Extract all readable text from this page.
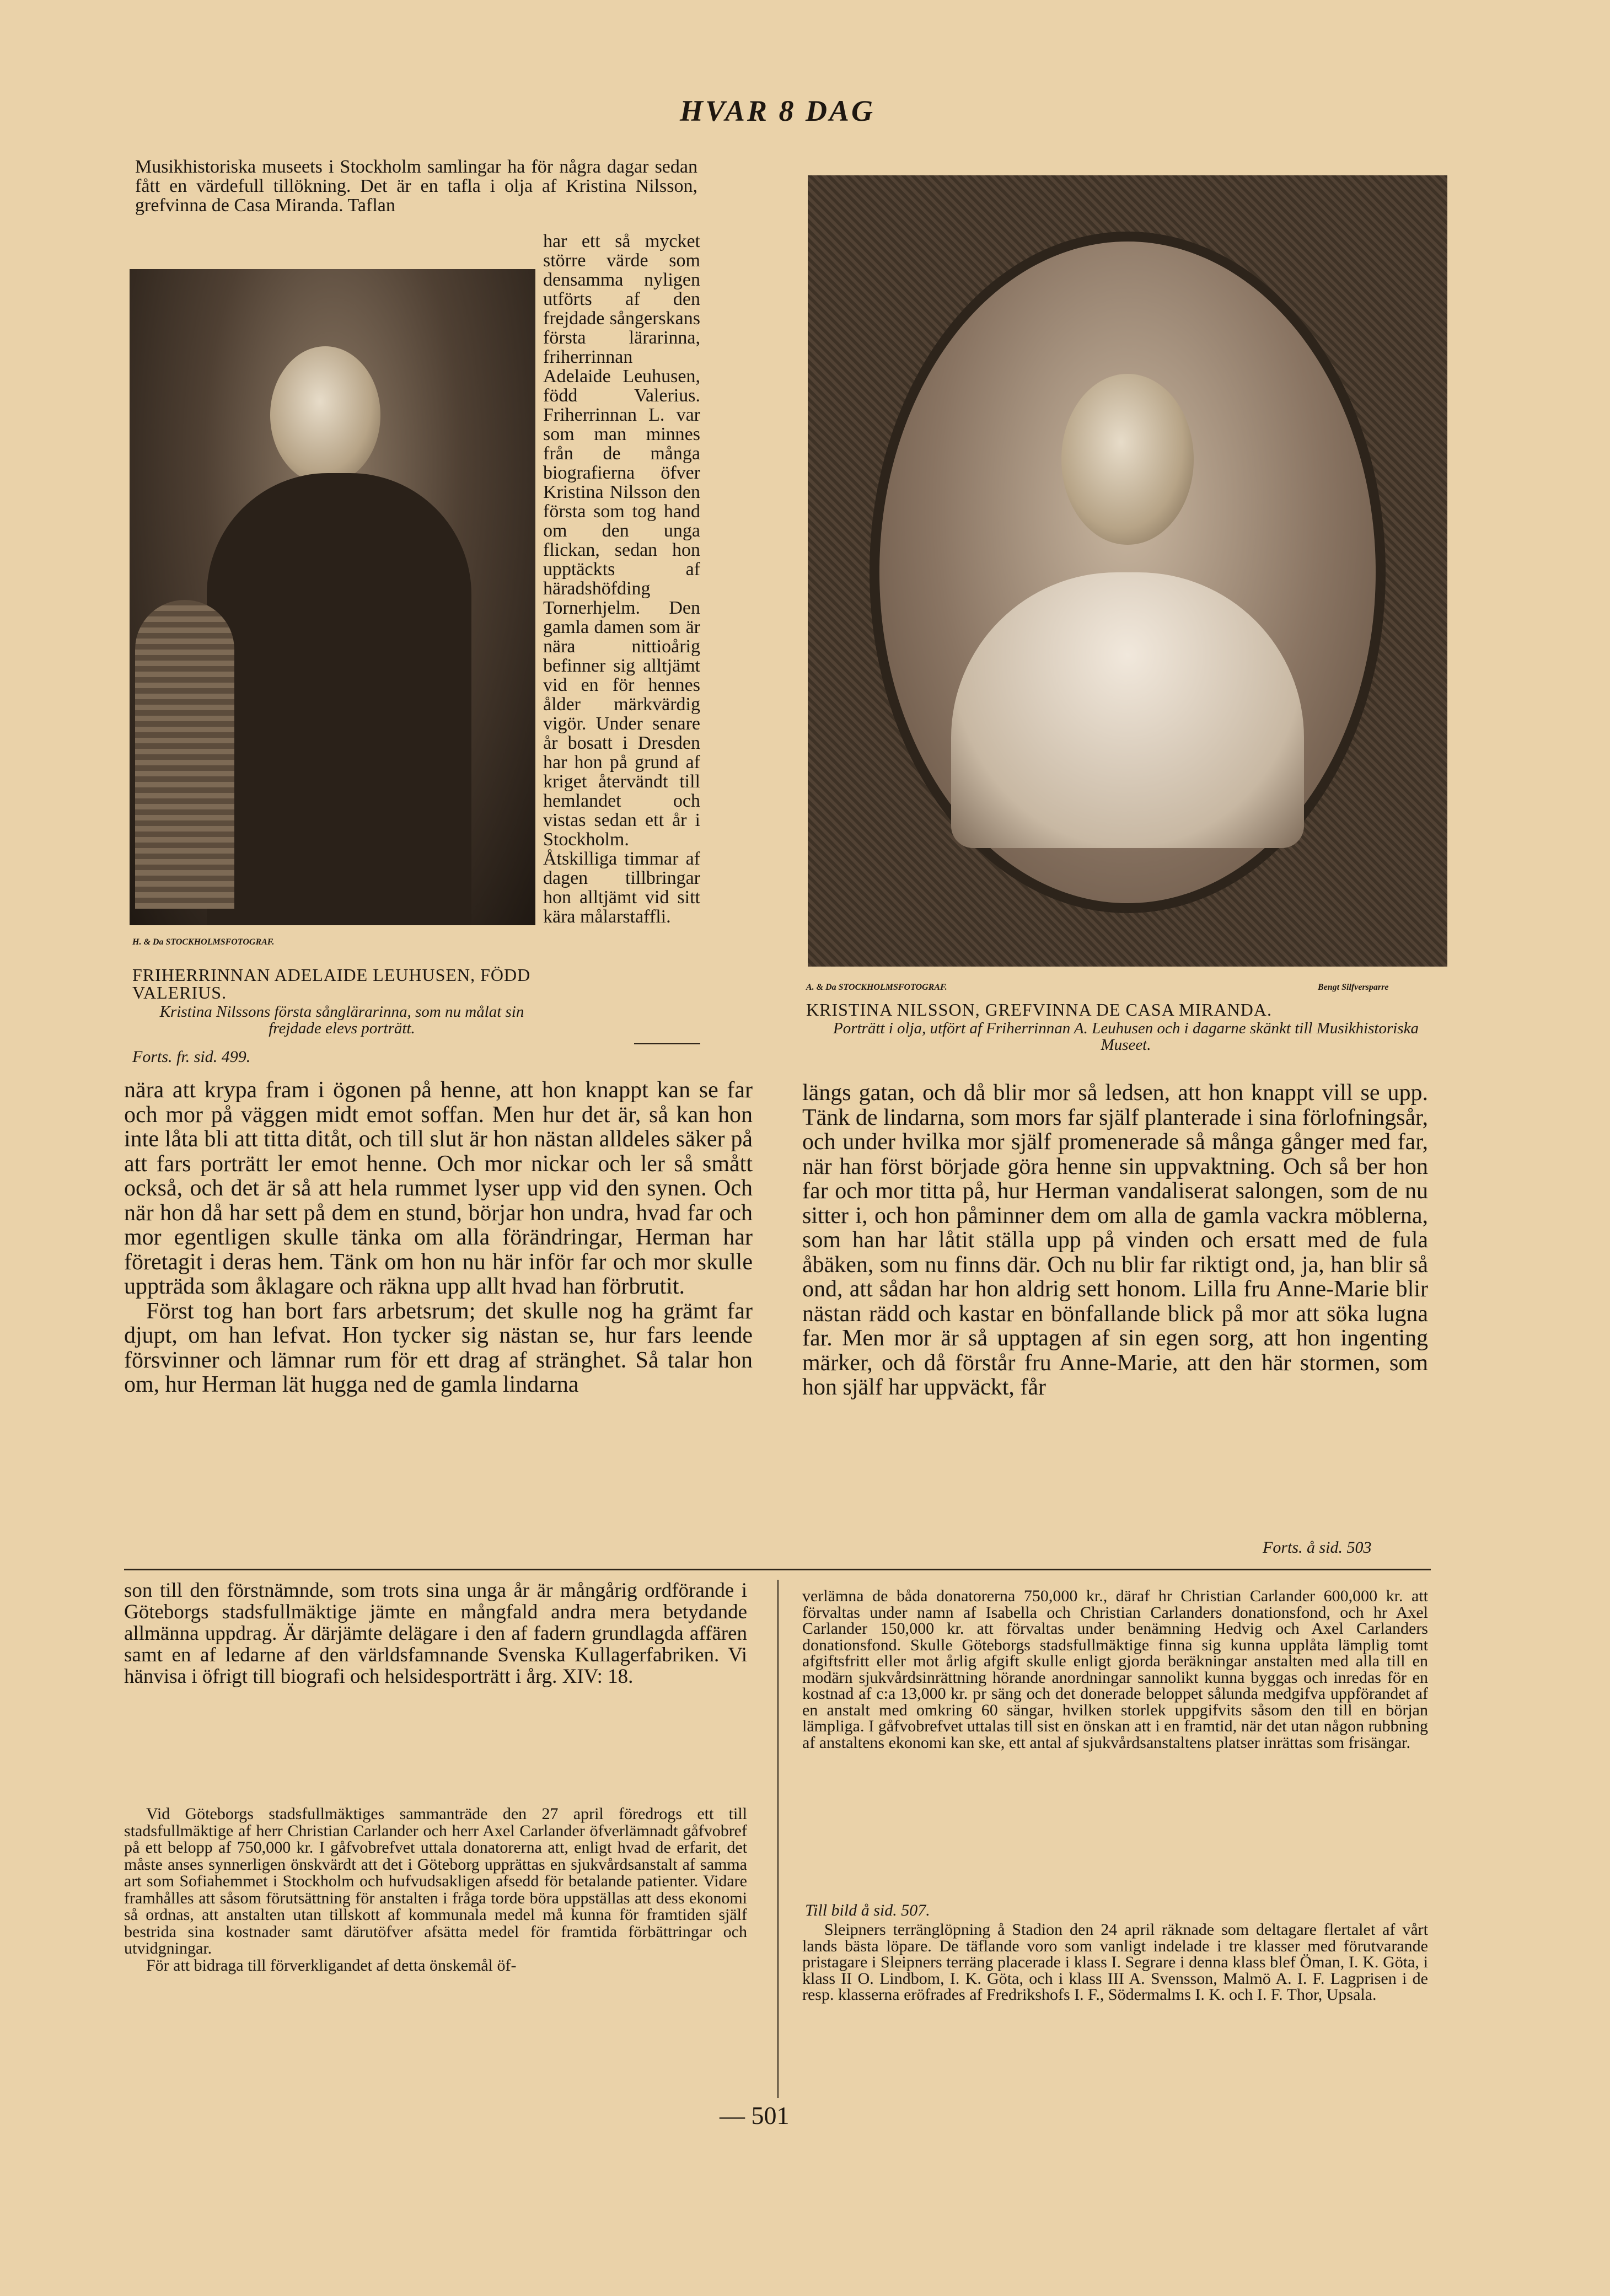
HVAR 8 DAG
Musikhistoriska museets i Stockholm samlingar ha för några dagar sedan fått en värdefull tillökning. Det är en tafla i olja af Kristina Nilsson, grefvinna de Casa Miranda. Taflan
har ett så mycket större värde som densamma nyligen utförts af den frejdade sångerskans första lärarinna, friherrinnan Adelaide Leuhusen, född Valerius. Friherrinnan L. var som man minnes från de många biografierna öfver Kristina Nilsson den första som tog hand om den unga flickan, sedan hon upptäckts af häradshöfding Tornerhjelm. Den gamla damen som är nära nittioårig befinner sig alltjämt vid en för hennes ålder märkvärdig vigör. Under senare år bosatt i Dresden har hon på grund af kriget återvändt till hemlandet och vistas sedan ett år i Stockholm. Åtskilliga timmar af dagen tillbringar hon alltjämt vid sitt kära målarstaffli.
H. & Da STOCKHOLMSFOTOGRAF.
FRIHERRINNAN ADELAIDE LEUHUSEN, FÖDD VALERIUS.
Kristina Nilssons första sånglärarinna, som nu målat sin frejdade elevs porträtt.
Forts. fr. sid. 499.
A. & Da STOCKHOLMSFOTOGRAF.	Bengt Silfversparre
KRISTINA NILSSON, GREFVINNA DE CASA MIRANDA.
Porträtt i olja, utfört af Friherrinnan A. Leuhusen och i dagarne skänkt till Musikhistoriska Museet.

nära att krypa fram i ögonen på henne, att hon knappt kan se far och mor på väggen midt emot soffan. Men hur det är, så kan hon inte låta bli att titta ditåt, och till slut är hon nästan alldeles säker på att fars porträtt ler emot henne. Och mor nickar och ler så smått också, och det är så att hela rummet lyser upp vid den synen. Och när hon då har sett på dem en stund, börjar hon undra, hvad far och mor egentligen skulle tänka om alla förändringar, Herman har företagit i deras hem. Tänk om hon nu här inför far och mor skulle uppträda som åklagare och räkna upp allt hvad han förbrutit.

Först tog han bort fars arbetsrum; det skulle nog ha grämt far djupt, om han lefvat. Hon tycker sig nästan se, hur fars leende försvinner och lämnar rum för ett drag af stränghet. Så talar hon om, hur Herman lät hugga ned de gamla lindarna

längs gatan, och då blir mor så ledsen, att hon knappt vill se upp. Tänk de lindarna, som mors far själf planterade i sina förlofningsår, och under hvilka mor själf promenerade så många gånger med far, när han först började göra henne sin uppvaktning. Och så ber hon far och mor titta på, hur Herman vandaliserat salongen, som de nu sitter i, och hon påminner dem om alla de gamla vackra möblerna, som han har låtit ställa upp på vinden och ersatt med de fula åbäken, som nu finns där. Och nu blir far riktigt ond, ja, han blir så ond, att sådan har hon aldrig sett honom. Lilla fru Anne-Marie blir nästan rädd och kastar en bönfallande blick på mor att söka lugna far. Men mor är så upptagen af sin egen sorg, att hon ingenting märker, och då förstår fru Anne-Marie, att den här stormen, som hon själf har uppväckt, får
Forts. å sid. 503
son till den förstnämnde, som trots sina unga år är mångårig ordförande i Göteborgs stadsfullmäktige jämte en mångfald andra mera betydande allmänna uppdrag. Är därjämte delägare i den af fadern grundlagda affären samt en af ledarne af den världsfamnande Svenska Kullagerfabriken. Vi hänvisa i öfrigt till biografi och helsidesporträtt i årg. XIV: 18.

Vid Göteborgs stadsfullmäktiges sammanträde den 27 april föredrogs ett till stadsfullmäktige af herr Christian Carlander och herr Axel Carlander öfverlämnadt gåfvobref på ett belopp af 750,000 kr. I gåfvobrefvet uttala donatorerna att, enligt hvad de erfarit, det måste anses synnerligen önskvärdt att det i Göteborg upprättas en sjukvårdsanstalt af samma art som Sofiahemmet i Stockholm och hufvudsakligen afsedd för betalande patienter. Vidare framhålles att såsom förutsättning för anstalten i fråga torde böra uppställas att dess ekonomi så ordnas, att anstalten utan tillskott af kommunala medel må kunna för framtiden själf bestrida sina kostnader samt därutöfver afsätta medel för framtida förbättringar och utvidgningar.

För att bidraga till förverkligandet af detta önskemål öf-

verlämna de båda donatorerna 750,000 kr., däraf hr Christian Carlander 600,000 kr. att förvaltas under namn af Isabella och Christian Carlanders donationsfond, och hr Axel Carlander 150,000 kr. att förvaltas under benämning Hedvig och Axel Carlanders donationsfond. Skulle Göteborgs stadsfullmäktige finna sig kunna upplåta lämplig tomt afgiftsfritt eller mot årlig afgift skulle enligt gjorda beräkningar anstalten med alla till en modärn sjukvårdsinrättning hörande anordningar sannolikt kunna byggas och inredas för en kostnad af c:a 13,000 kr. pr säng och det donerade beloppet sålunda medgifva uppförandet af en anstalt med omkring 60 sängar, hvilken storlek uppgifvits såsom den till en början lämpliga. I gåfvobrefvet uttalas till sist en önskan att i en framtid, när det utan någon rubbning af anstaltens ekonomi kan ske, ett antal af sjukvårdsanstaltens platser inrättas som frisängar.
Till bild å sid. 507.
Sleipners terränglöpning å Stadion den 24 april räknade som deltagare flertalet af vårt lands bästa löpare. De täflande voro som vanligt indelade i tre klasser med förutvarande pristagare i Sleipners terräng placerade i klass I. Segrare i denna klass blef Öman, I. K. Göta, i klass II O. Lindbom, I. K. Göta, och i klass III A. Svensson, Malmö A. I. F. Lagprisen i de resp. klasserna eröfrades af Fredrikshofs I. F., Södermalms I. K. och I. F. Thor, Upsala.
— 501
